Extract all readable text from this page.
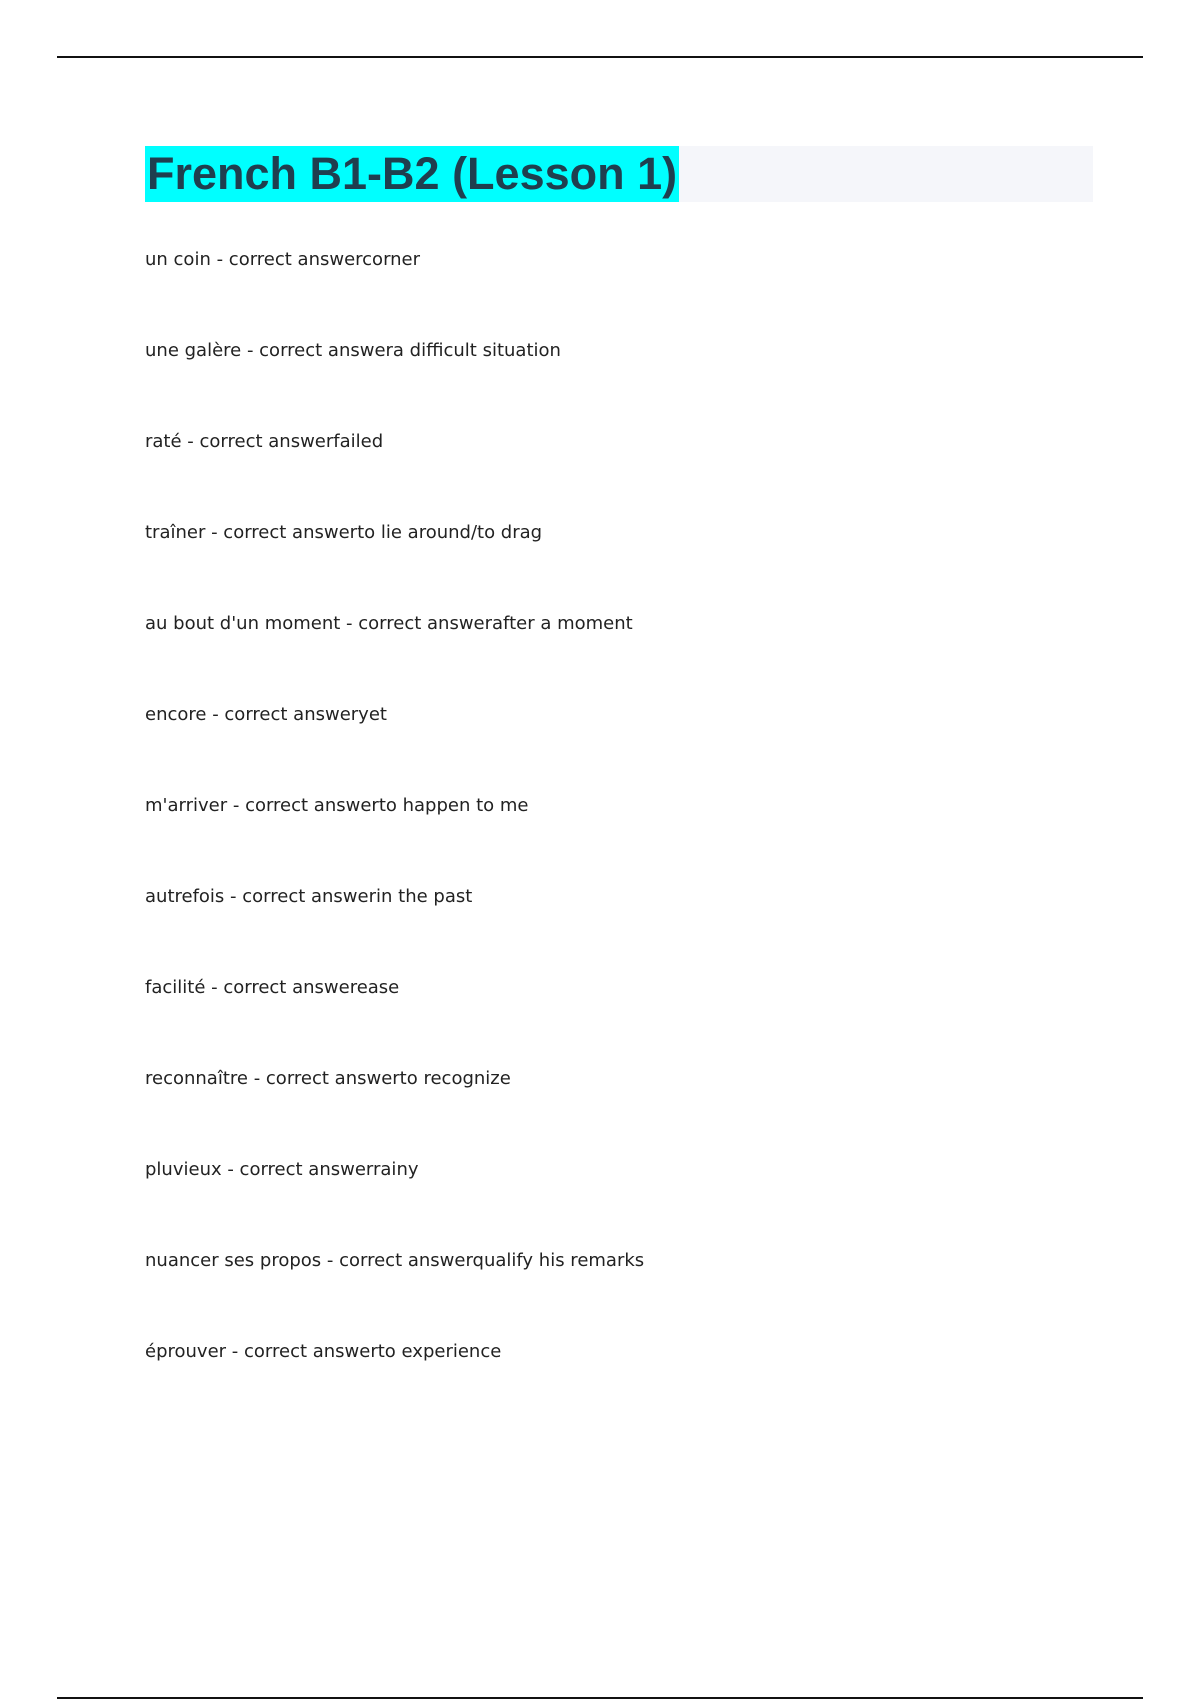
French B1-B2 (Lesson 1)
un coin - correct answercorner
une galère - correct answera difficult situation
raté - correct answerfailed
traîner - correct answerto lie around/to drag
au bout d'un moment - correct answerafter a moment
encore - correct answeryet
m'arriver - correct answerto happen to me
autrefois - correct answerin the past
facilité - correct answerease
reconnaître - correct answerto recognize
pluvieux - correct answerrainy
nuancer ses propos - correct answerqualify his remarks
éprouver - correct answerto experience
